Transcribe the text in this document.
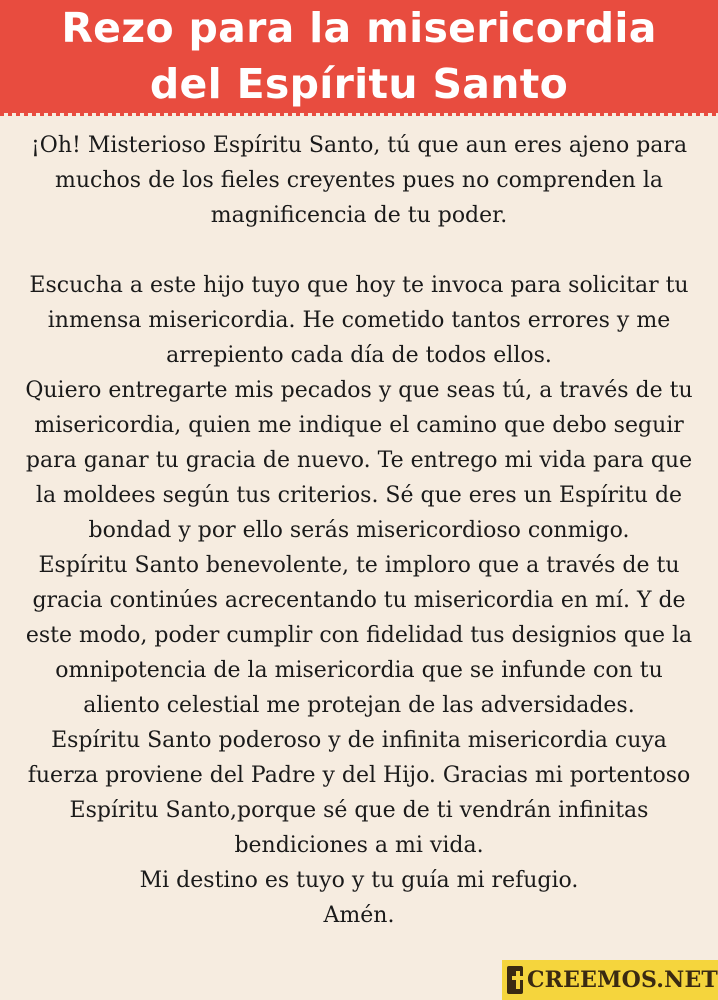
Rezo para la misericordia
del Espíritu Santo

¡Oh! Misterioso Espíritu Santo, tú que aun eres ajeno para

muchos de los fieles creyentes pues no comprenden la

magnificencia de tu poder.

Escucha a este hijo tuyo que hoy te invoca para solicitar tu

inmensa misericordia. He cometido tantos errores y me

arrepiento cada día de todos ellos.

Quiero entregarte mis pecados y que seas tú, a través de tu

misericordia, quien me indique el camino que debo seguir

para ganar tu gracia de nuevo. Te entrego mi vida para que

la moldees según tus criterios. Sé que eres un Espíritu de

bondad y por ello serás misericordioso conmigo.

Espíritu Santo benevolente, te imploro que a través de tu

gracia continúes acrecentando tu misericordia en mí. Y de

este modo, poder cumplir con fidelidad tus designios que la

omnipotencia de la misericordia que se infunde con tu

aliento celestial me protejan de las adversidades.

Espíritu Santo poderoso y de infinita misericordia cuya

fuerza proviene del Padre y del Hijo. Gracias mi portentoso

Espíritu Santo,porque sé que de ti vendrán infinitas

bendiciones a mi vida.

Mi destino es tuyo y tu guía mi refugio.

Amén.

CREEMOS.NET
